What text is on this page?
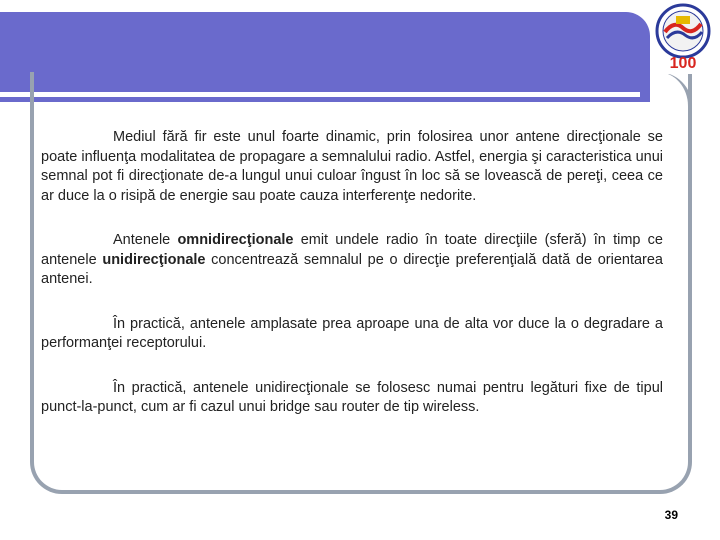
100

Mediul fără fir este unul foarte dinamic, prin folosirea unor antene direcţionale se poate influenţa modalitatea de propagare a semnalului radio. Astfel, energia şi caracteristica unui semnal pot fi direcţionate de-a lungul unui culoar îngust în loc să se lovească de pereţi, ceea ce ar duce la o risipă de energie sau poate cauza interferenţe nedorite.

Antenele omnidirecţionale emit undele radio în toate direcţiile (sferă) în timp ce antenele unidirecţionale concentrează semnalul pe o direcţie preferenţială dată de orientarea antenei.

În practică, antenele amplasate prea aproape una de alta vor duce la o degradare a performanţei receptorului.

În practică, antenele unidirecţionale se folosesc numai pentru legături fixe de tipul punct-la-punct, cum ar fi cazul unui bridge sau router de tip wireless.

39
